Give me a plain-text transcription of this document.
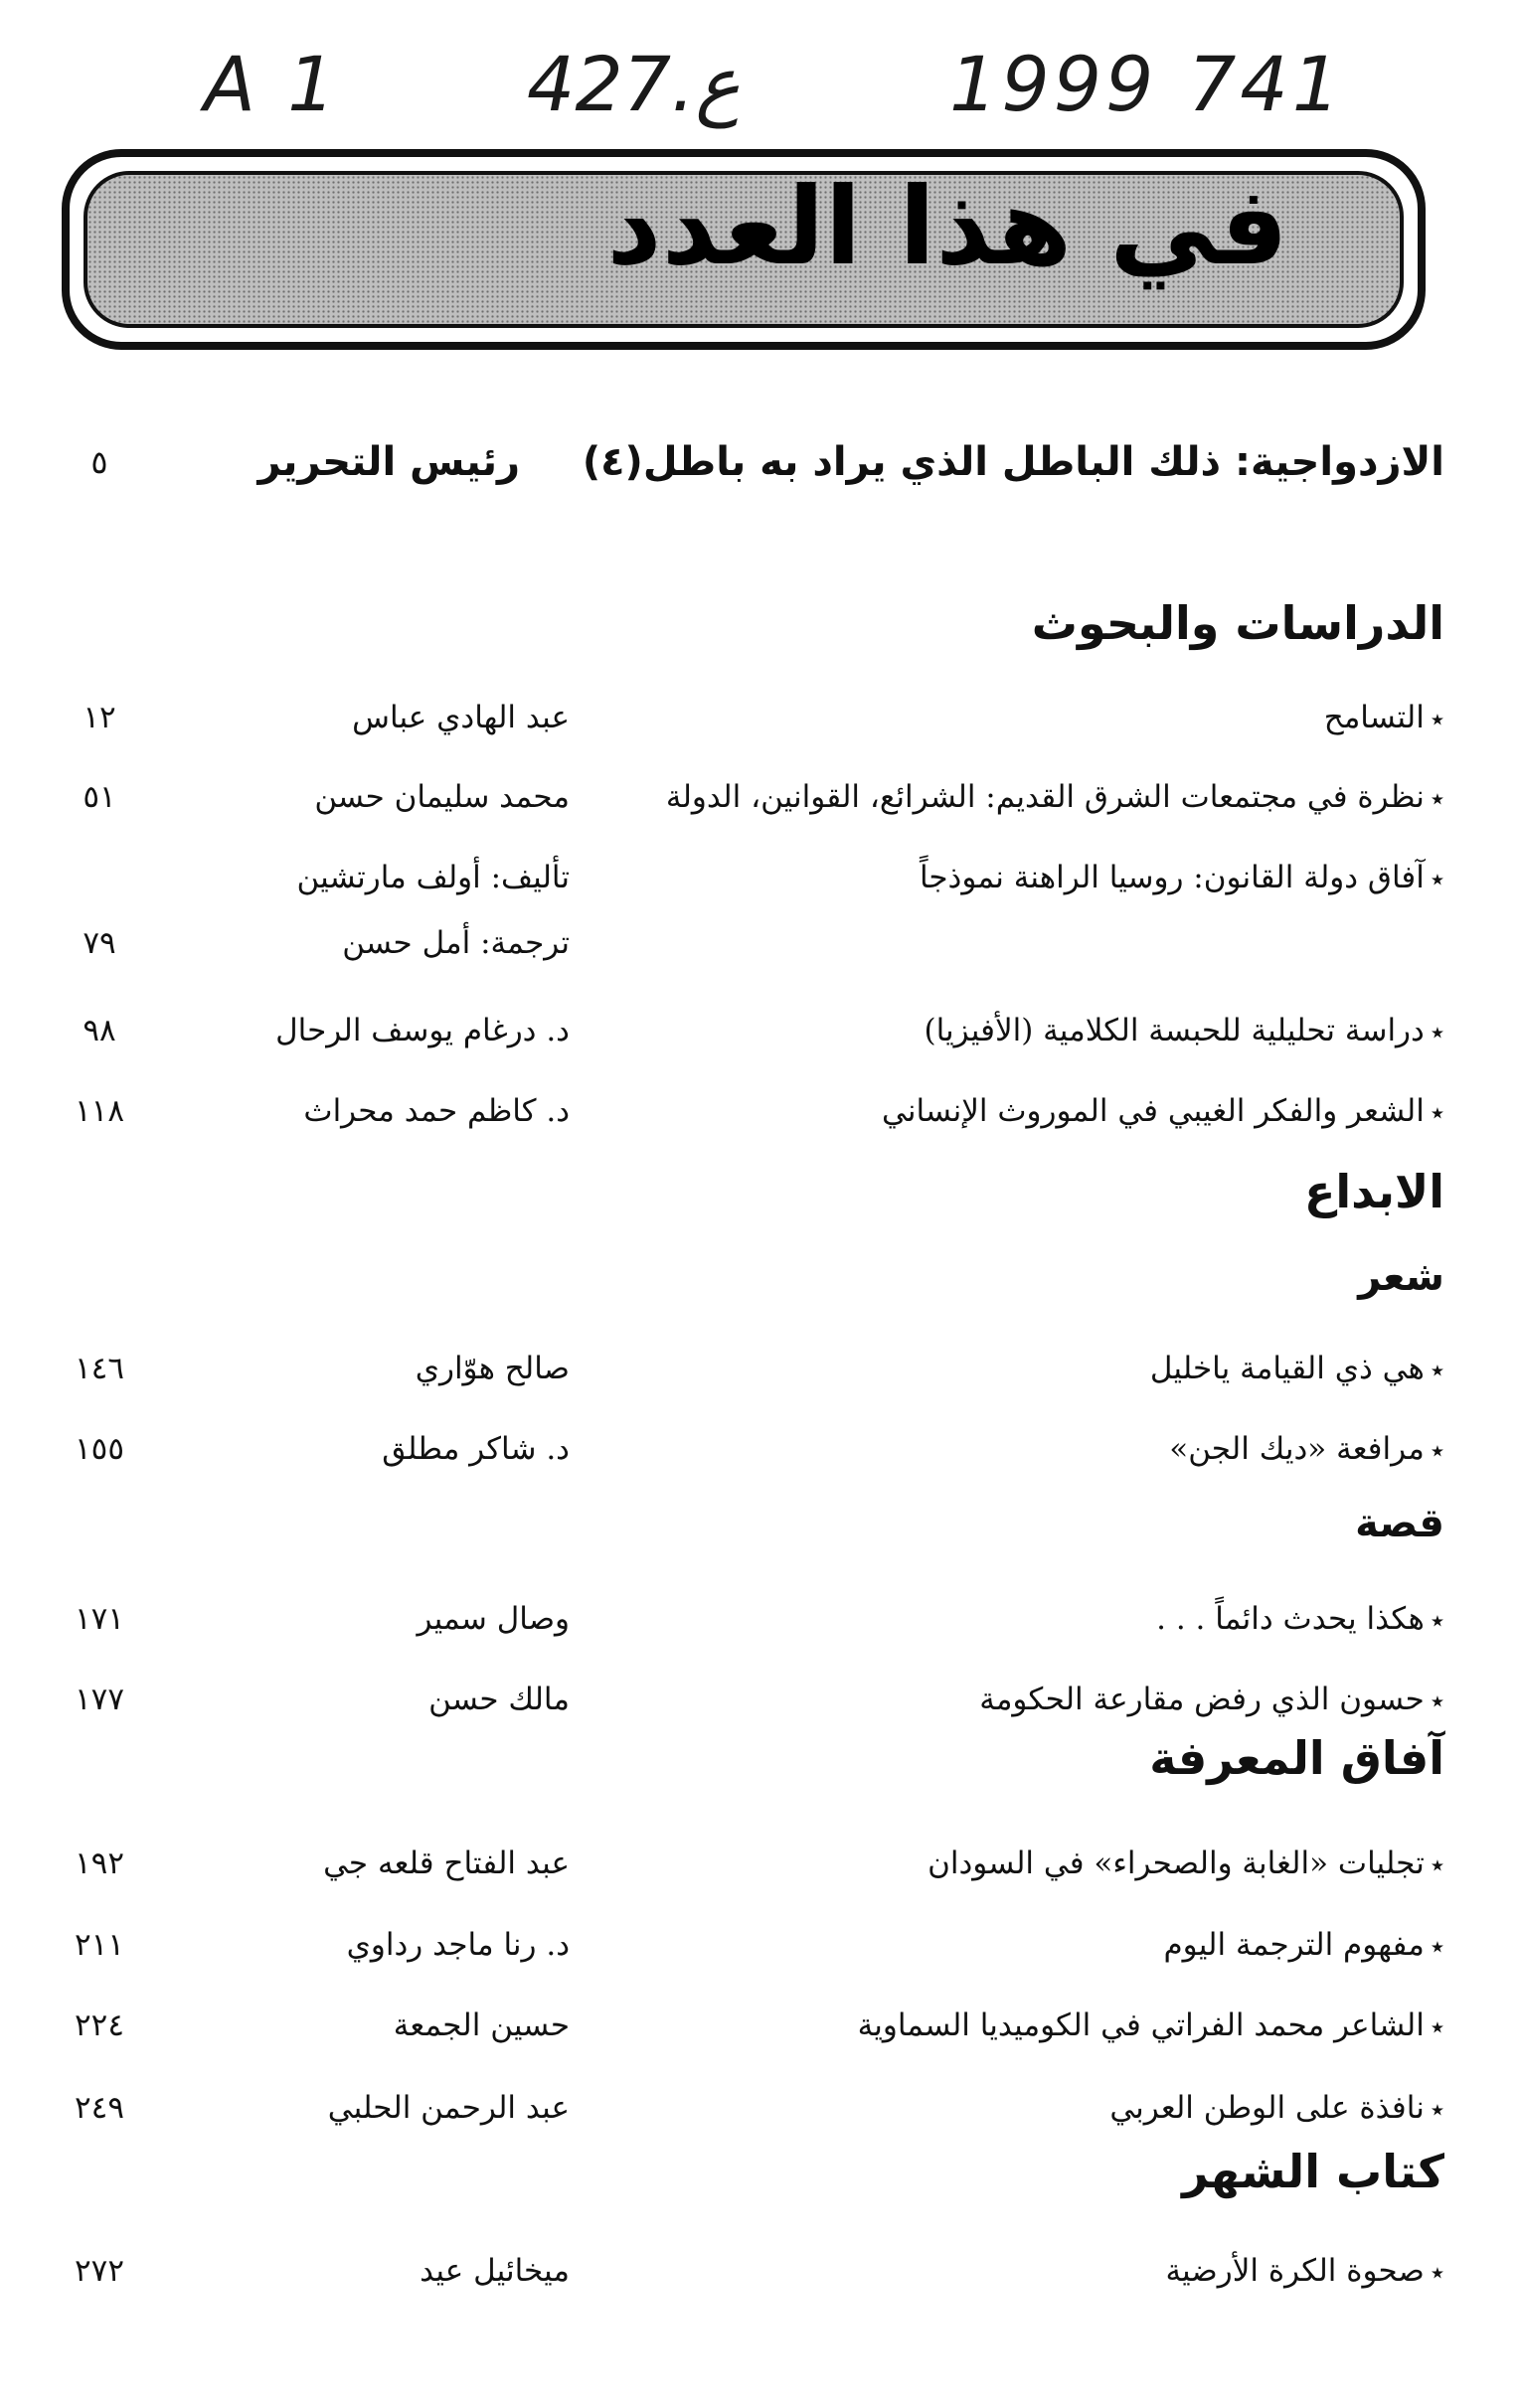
A 1 427.ع	1999 741
في هذا العدد
الازدواجية: ذلك الباطل الذي يراد به باطل(٤)
رئيس التحرير
٥
الدراسات والبحوث
٭التسامح
عبد الهادي عباس
١٢
٭نظرة في مجتمعات الشرق القديم: الشرائع، القوانين، الدولة
محمد سليمان حسن
٥١
٭آفاق دولة القانون: روسيا الراهنة نموذجاً
تأليف: أولف مارتشين
ترجمة: أمل حسن
٧٩
٭دراسة تحليلية للحبسة الكلامية (الأفيزيا)
د. درغام يوسف الرحال
٩٨
٭الشعر والفكر الغيبي في الموروث الإنساني
د. كاظم حمد محراث
١١٨
الابداع
شعر
٭هي ذي القيامة ياخليل
صالح هوّاري
١٤٦
٭مرافعة «ديك الجن»
د. شاكر مطلق
١٥٥
قصة
٭هكذا يحدث دائماً . . .
وصال سمير
١٧١
٭حسون الذي رفض مقارعة الحكومة
مالك حسن
١٧٧
آفاق المعرفة
٭تجليات «الغابة والصحراء» في السودان
عبد الفتاح قلعه جي
١٩٢
٭مفهوم الترجمة اليوم
د. رنا ماجد رداوي
٢١١
٭الشاعر محمد الفراتي في الكوميديا السماوية
حسين الجمعة
٢٢٤
٭نافذة على الوطن العربي
عبد الرحمن الحلبي
٢٤٩
كتاب الشهر
٭صحوة الكرة الأرضية
ميخائيل عيد
٢٧٢
